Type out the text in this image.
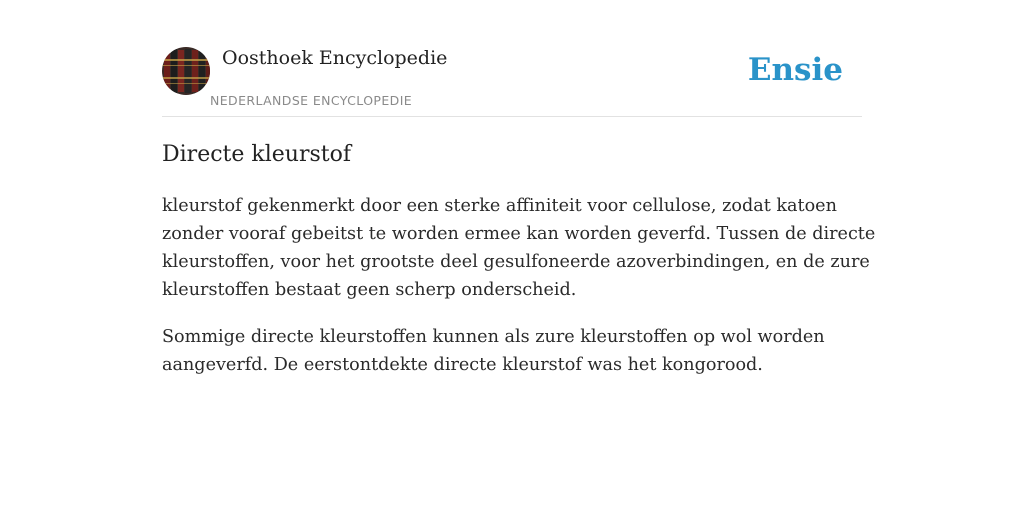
Oosthoek Encyclopedie
NEDERLANDSE ENCYCLOPEDIE
Ensie
Directe kleurstof

kleurstof gekenmerkt door een sterke affiniteit voor cellulose, zodat katoen
zonder vooraf gebeitst te worden ermee kan worden geverfd. Tussen de directe
kleurstoffen, voor het grootste deel gesulfoneerde azoverbindingen, en de zure
kleurstoffen bestaat geen scherp onderscheid.

Sommige directe kleurstoffen kunnen als zure kleurstoffen op wol worden
aangeverfd. De eerstontdekte directe kleurstof was het kongorood.
